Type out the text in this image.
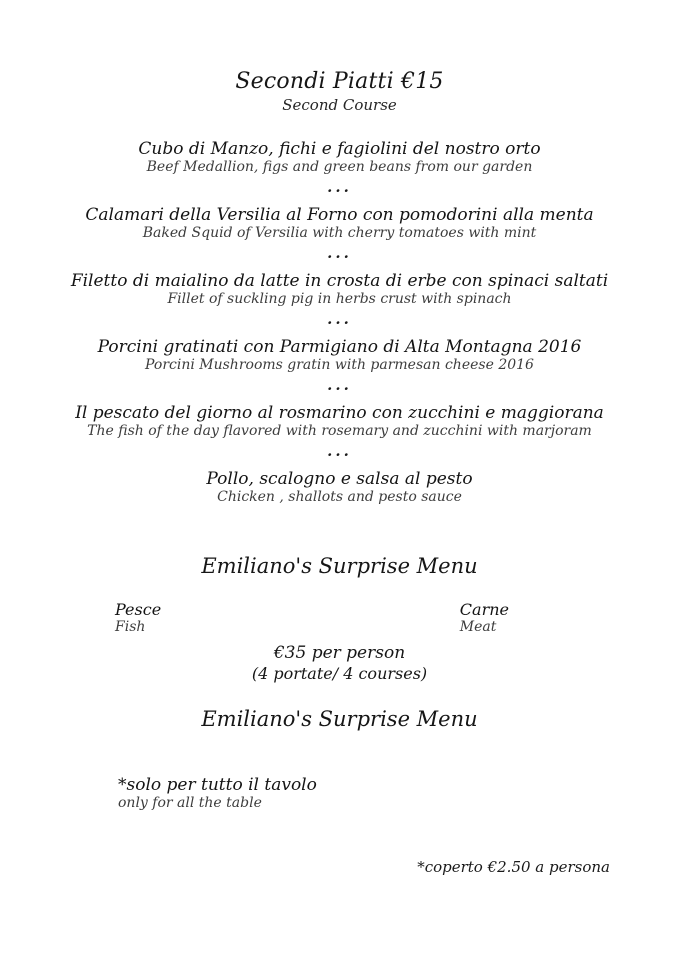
Secondi Piatti €15
Second Course
Cubo di Manzo, fichi e fagiolini del nostro orto
Beef Medallion, figs and green beans from our garden
···
Calamari della Versilia al Forno con pomodorini alla menta
Baked Squid of Versilia with cherry tomatoes with mint
···
Filetto di maialino da latte in crosta di erbe con spinaci saltati
Fillet of suckling pig in herbs crust with spinach
···
Porcini gratinati con Parmigiano di Alta Montagna 2016
Porcini Mushrooms gratin with parmesan cheese 2016
···
Il pescato del giorno al rosmarino con zucchini e maggiorana
The fish of the day flavored with rosemary and zucchini with marjoram
···
Pollo, scalogno e salsa al pesto
Chicken , shallots and pesto sauce
Emiliano's Surprise Menu
Pesce
Fish
Carne
Meat
€35 per person
(4 portate/ 4 courses)
Emiliano's Surprise Menu
*solo per tutto il tavolo
only for all the table
*coperto €2.50 a persona
